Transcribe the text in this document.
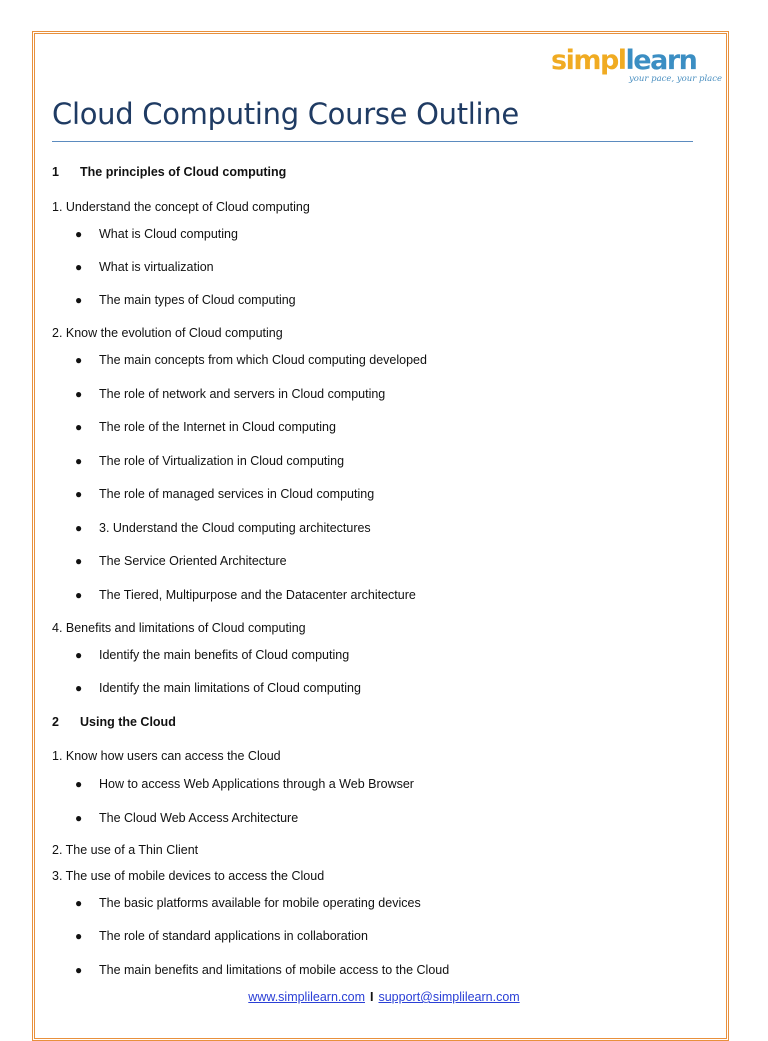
simpllearn
your pace, your place
Cloud Computing Course Outline
1 The principles of Cloud computing
1. Understand the concept of Cloud computing
● What is Cloud computing
● What is virtualization
● The main types of Cloud computing
2. Know the evolution of Cloud computing
● The main concepts from which Cloud computing developed
● The role of network and servers in Cloud computing
● The role of the Internet in Cloud computing
● The role of Virtualization in Cloud computing
● The role of managed services in Cloud computing
● 3. Understand the Cloud computing architectures
● The Service Oriented Architecture
● The Tiered, Multipurpose and the Datacenter architecture
4. Benefits and limitations of Cloud computing
● Identify the main benefits of Cloud computing
● Identify the main limitations of Cloud computing
2 Using the Cloud
1. Know how users can access the Cloud
● How to access Web Applications through a Web Browser
● The Cloud Web Access Architecture
2. The use of a Thin Client
3. The use of mobile devices to access the Cloud
● The basic platforms available for mobile operating devices
● The role of standard applications in collaboration
● The main benefits and limitations of mobile access to the Cloud
www.simplilearn.com I support@simplilearn.com
